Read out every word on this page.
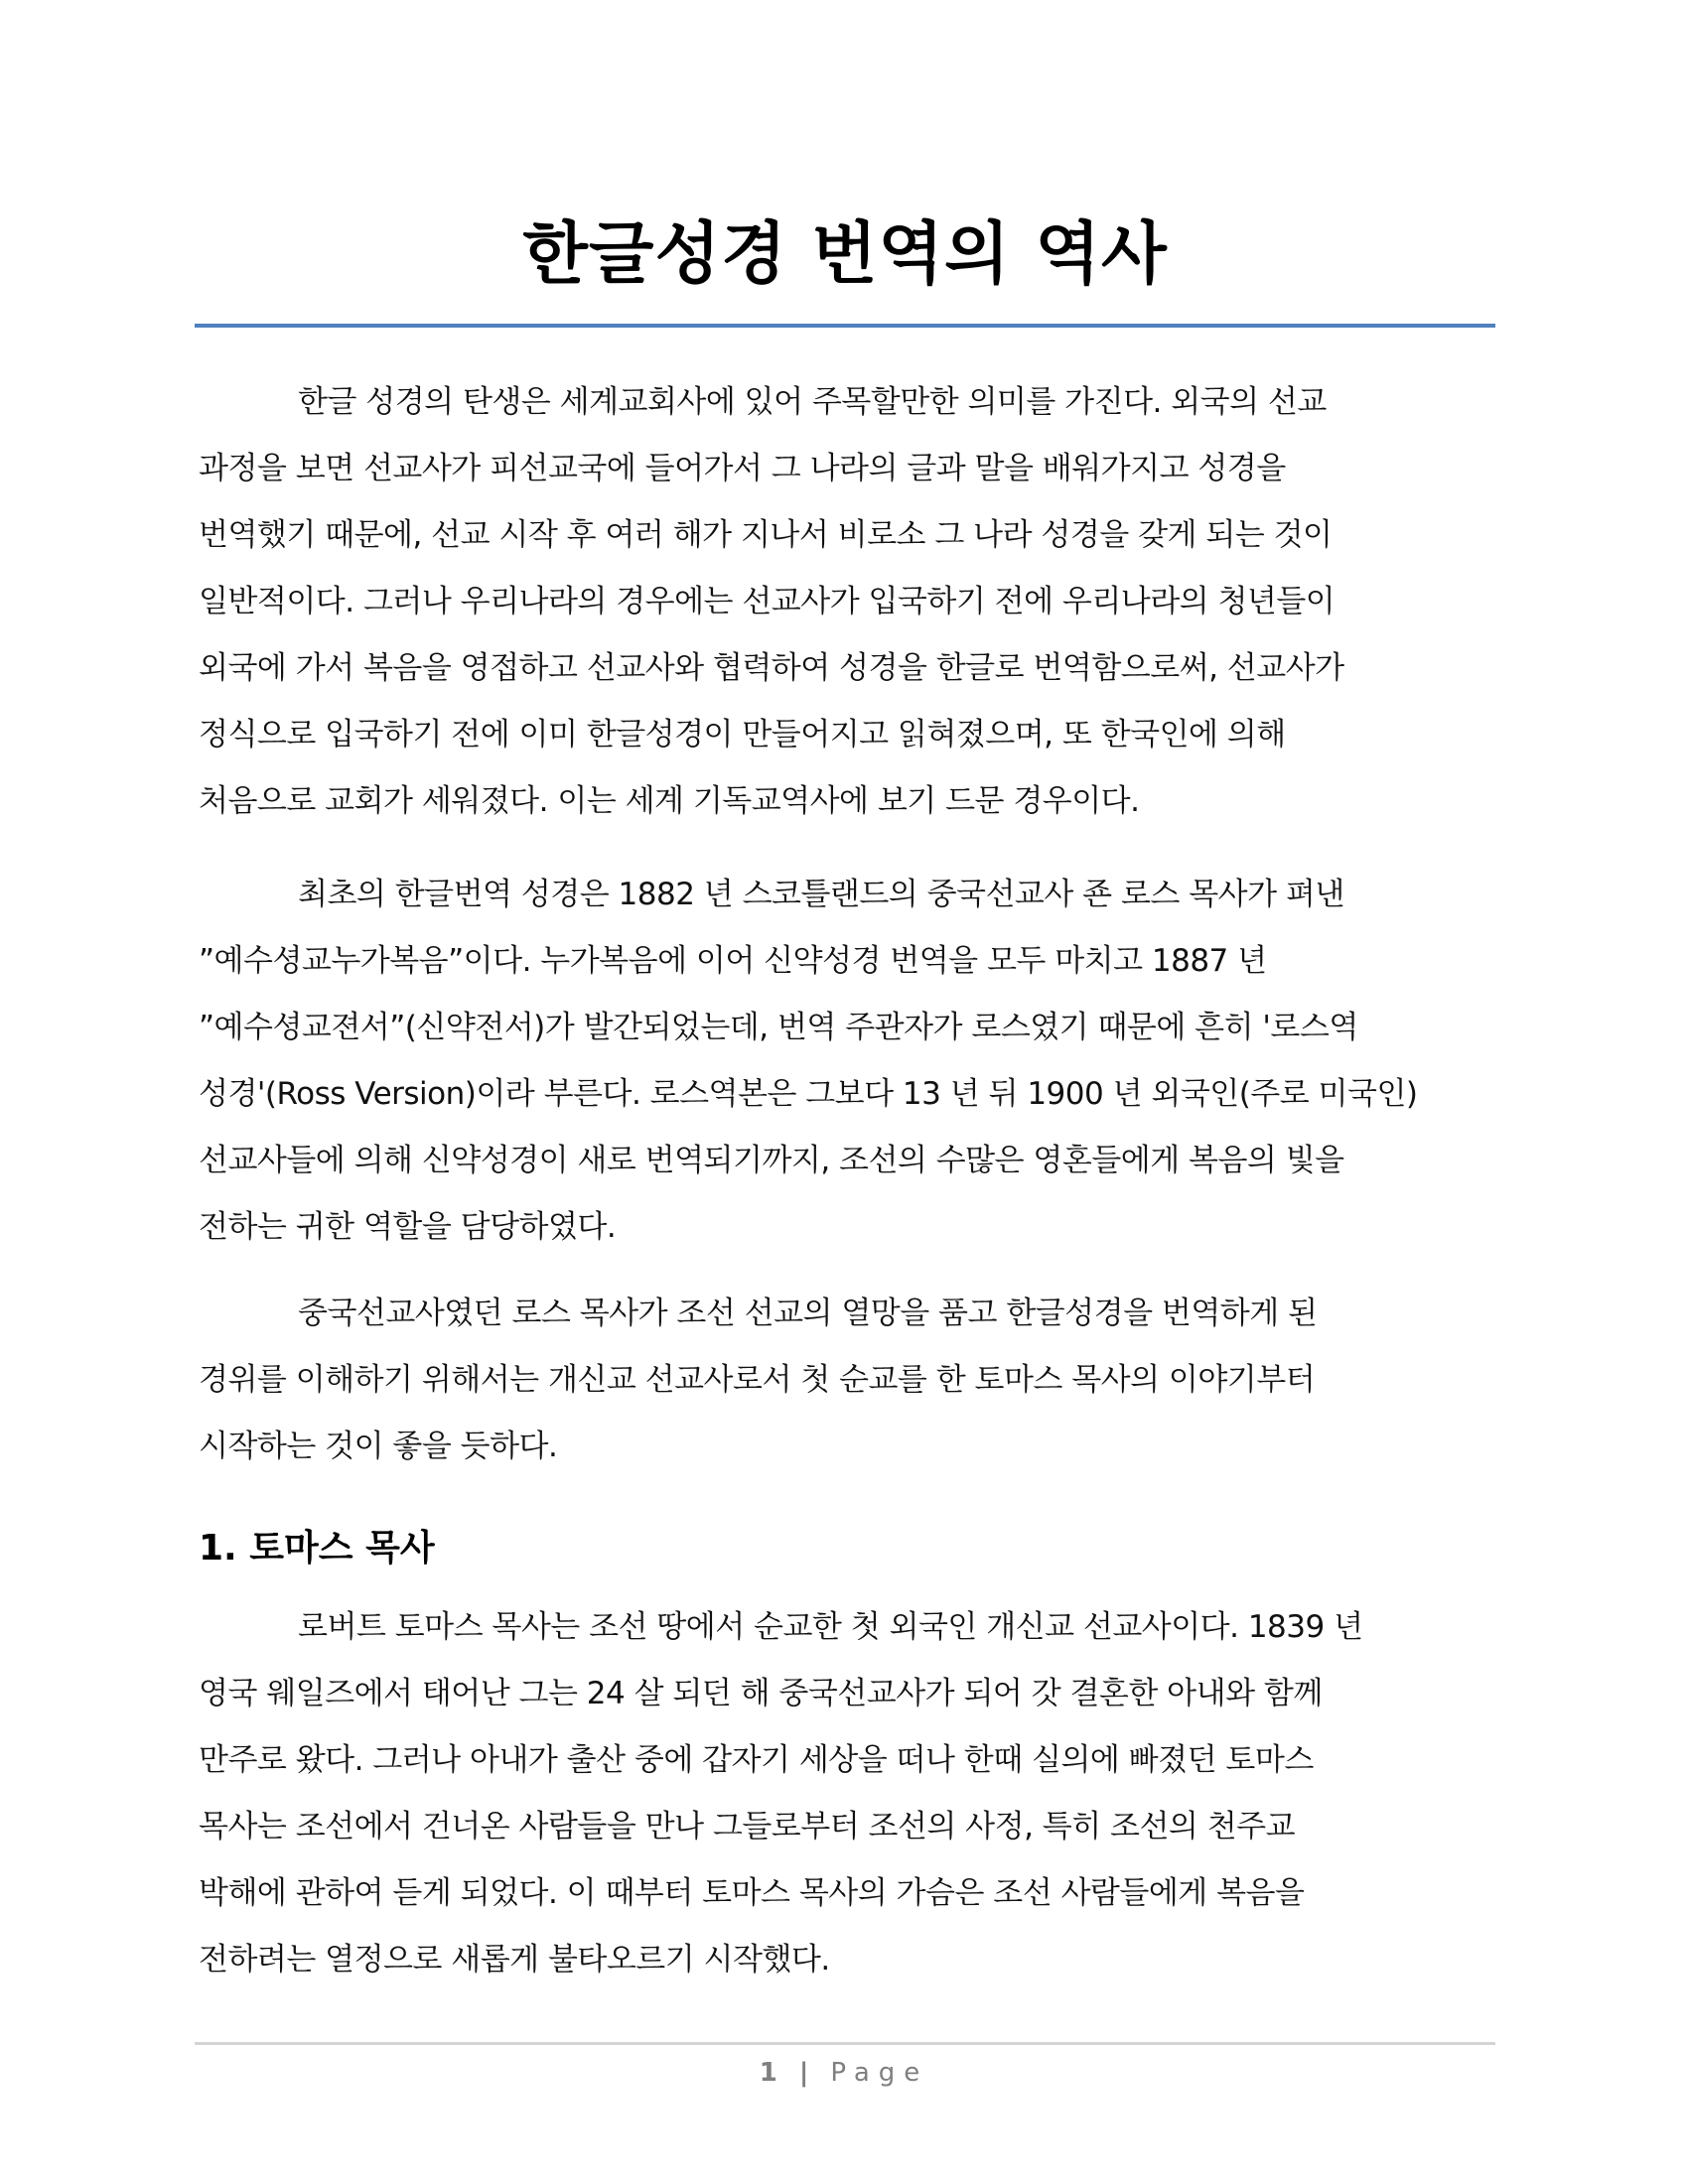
한글성경 번역의 역사
한글 성경의 탄생은 세계교회사에 있어 주목할만한 의미를 가진다. 외국의 선교
과정을 보면 선교사가 피선교국에 들어가서 그 나라의 글과 말을 배워가지고 성경을
번역했기 때문에, 선교 시작 후 여러 해가 지나서 비로소 그 나라 성경을 갖게 되는 것이
일반적이다. 그러나 우리나라의 경우에는 선교사가 입국하기 전에 우리나라의 청년들이
외국에 가서 복음을 영접하고 선교사와 협력하여 성경을 한글로 번역함으로써, 선교사가
정식으로 입국하기 전에 이미 한글성경이 만들어지고 읽혀졌으며, 또 한국인에 의해
처음으로 교회가 세워졌다. 이는 세계 기독교역사에 보기 드문 경우이다.
최초의 한글번역 성경은 1882 년 스코틀랜드의 중국선교사 죤 로스 목사가 펴낸
”예수셩교누가복음”이다. 누가복음에 이어 신약성경 번역을 모두 마치고 1887 년
”예수셩교젼서”(신약전서)가 발간되었는데, 번역 주관자가 로스였기 때문에 흔히 '로스역
성경'(Ross Version)이라 부른다. 로스역본은 그보다 13 년 뒤 1900 년 외국인(주로 미국인)
선교사들에 의해 신약성경이 새로 번역되기까지, 조선의 수많은 영혼들에게 복음의 빛을
전하는 귀한 역할을 담당하였다.
중국선교사였던 로스 목사가 조선 선교의 열망을 품고 한글성경을 번역하게 된
경위를 이해하기 위해서는 개신교 선교사로서 첫 순교를 한 토마스 목사의 이야기부터
시작하는 것이 좋을 듯하다.
1. 토마스 목사
로버트 토마스 목사는 조선 땅에서 순교한 첫 외국인 개신교 선교사이다. 1839 년
영국 웨일즈에서 태어난 그는 24 살 되던 해 중국선교사가 되어 갓 결혼한 아내와 함께
만주로 왔다. 그러나 아내가 출산 중에 갑자기 세상을 떠나 한때 실의에 빠졌던 토마스
목사는 조선에서 건너온 사람들을 만나 그들로부터 조선의 사정, 특히 조선의 천주교
박해에 관하여 듣게 되었다. 이 때부터 토마스 목사의 가슴은 조선 사람들에게 복음을
전하려는 열정으로 새롭게 불타오르기 시작했다.
1 | Page
